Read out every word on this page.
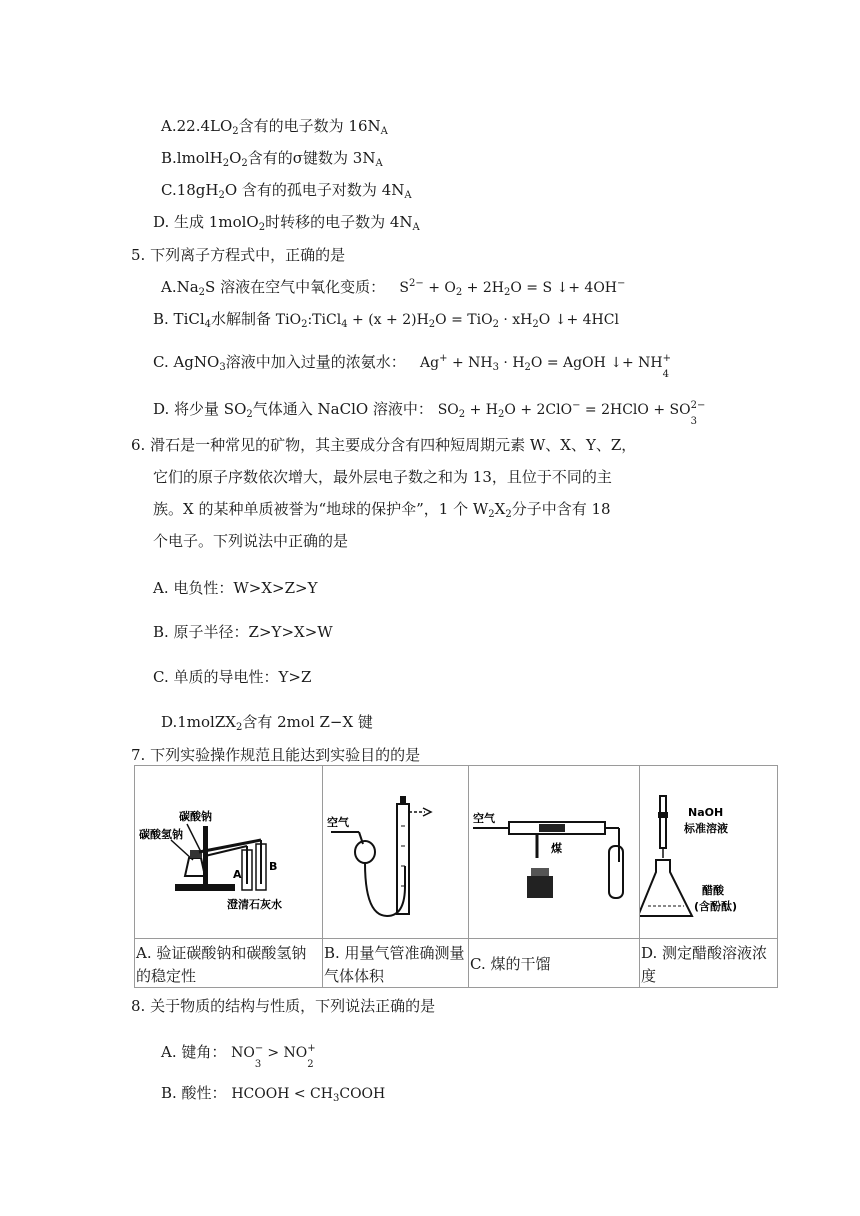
$A.22.4LO_2$含有的电子数为 $16N_A$
$B.lmolH_2O_2$含有的σ键数为 $3N_A$
$C.18gH_2O$ 含有的孤电子对数为 $4N_A$
D. 生成 1molO$_2$时转移的电子数为 $4N_A$
5. 下列离子方程式中，正确的是
$A.Na_2S$ 溶液在空气中氧化变质： $S^{2-} + O_2 + 2H_2O = S$ ↓+ 4OH−
B. TiCl$_4$水解制备 TiO$_2$:TiCl$_4$ + $(x + 2)H_2O = TiO_2 \cdot xH_2O$ ↓+ 4HCl
C. AgNO$_3$溶液中加入过量的浓氨水： $Ag^+ + NH_3 \cdot H_2O$ = AgOH ↓+ NH +
4
D. 将少量 $SO_2$气体通入 NaClO 溶液中： $SO_2 + H_2O + 2ClO^-$ = 2HClO + SO 2−
3
6. 滑石是一种常见的矿物，其主要成分含有四种短周期元素 W、X、Y、Z，
它们的原子序数依次增大，最外层电子数之和为 13，且位于不同的主
族。X 的某种单质被誉为“地球的保护伞”，1 个 $W_2X_2$分子中含有 18
个电子。下列说法中正确的是
A. 电负性：W>X>Z>Y
B. 原子半径：Z>Y>X>W
C. 单质的导电性：Y>Z
D.1molZX$_2$含有 2mol Z−X 键
7. 下列实验操作规范且能达到实验目的的是
碳酸钠
碳酸氢钠
A
B
澄清石灰水	空气	空气
煤	NaOH
标准溶液
醋酸
(含酚酞)

A. 验证碳酸钠和碳酸氢钠的稳定性	B. 用量气管准确测量气体体积	C. 煤的干馏	D. 测定醋酸溶液浓度
8. 关于物质的结构与性质，下列说法正确的是
A. 键角： NO −
3
> NO +
2
B. 酸性： HCOOH < $CH_3COOH$
